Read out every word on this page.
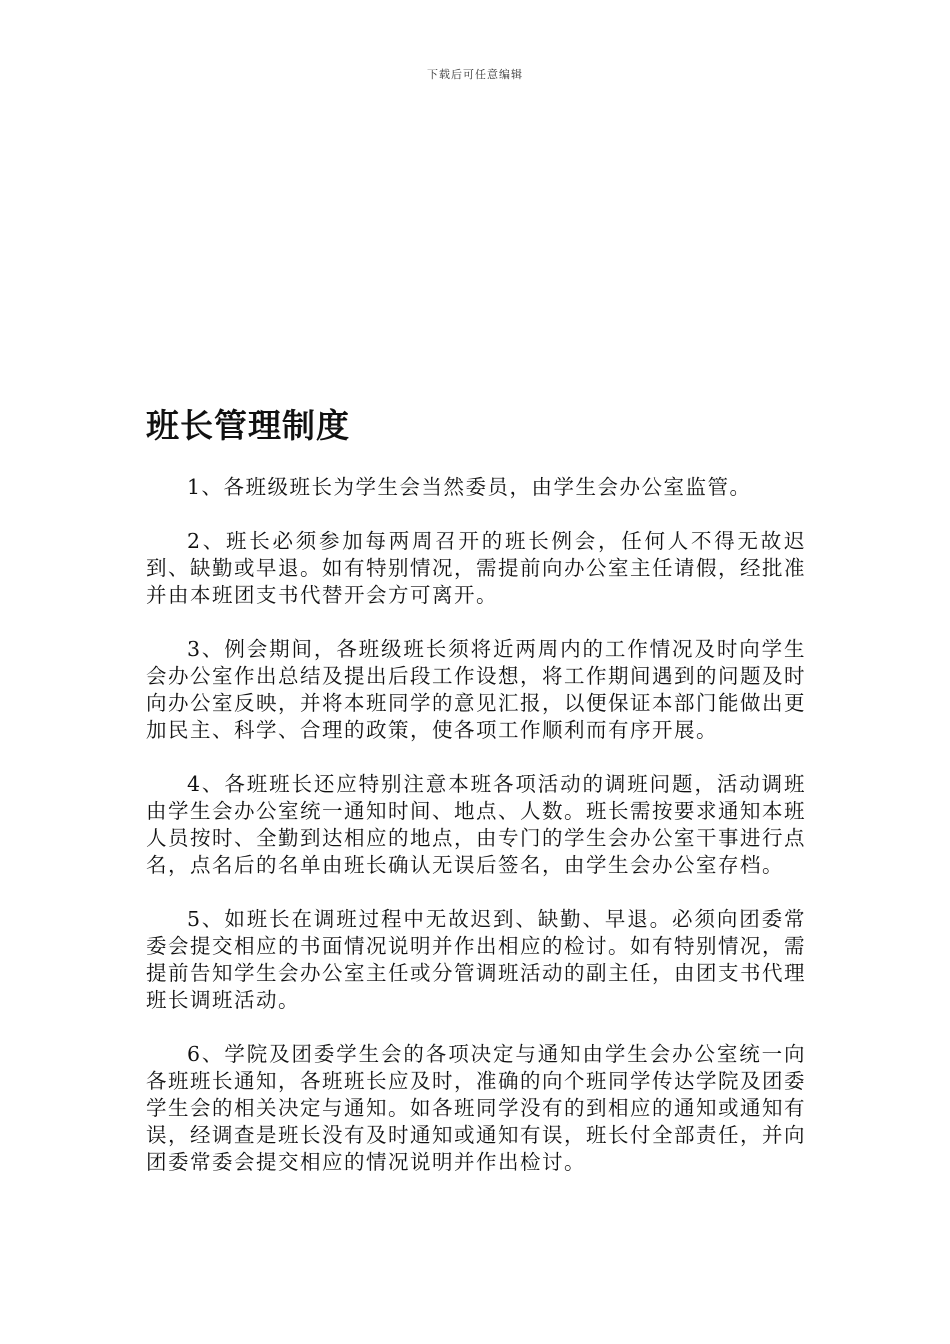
下载后可任意编辑
班长管理制度

1、各班级班长为学生会当然委员，由学生会办公室监管。

2、班长必须参加每两周召开的班长例会，任何人不得无故迟到、缺勤或早退。如有特别情况，需提前向办公室主任请假，经批准并由本班团支书代替开会方可离开。

3、例会期间，各班级班长须将近两周内的工作情况及时向学生会办公室作出总结及提出后段工作设想，将工作期间遇到的问题及时向办公室反映，并将本班同学的意见汇报，以便保证本部门能做出更加民主、科学、合理的政策，使各项工作顺利而有序开展。

4、各班班长还应特别注意本班各项活动的调班问题，活动调班由学生会办公室统一通知时间、地点、人数。班长需按要求通知本班人员按时、全勤到达相应的地点，由专门的学生会办公室干事进行点名，点名后的名单由班长确认无误后签名，由学生会办公室存档。

5、如班长在调班过程中无故迟到、缺勤、早退。必须向团委常委会提交相应的书面情况说明并作出相应的检讨。如有特别情况，需提前告知学生会办公室主任或分管调班活动的副主任，由团支书代理班长调班活动。

6、学院及团委学生会的各项决定与通知由学生会办公室统一向各班班长通知，各班班长应及时，准确的向个班同学传达学院及团委学生会的相关决定与通知。如各班同学没有的到相应的通知或通知有误，经调查是班长没有及时通知或通知有误，班长付全部责任，并向团委常委会提交相应的情况说明并作出检讨。
